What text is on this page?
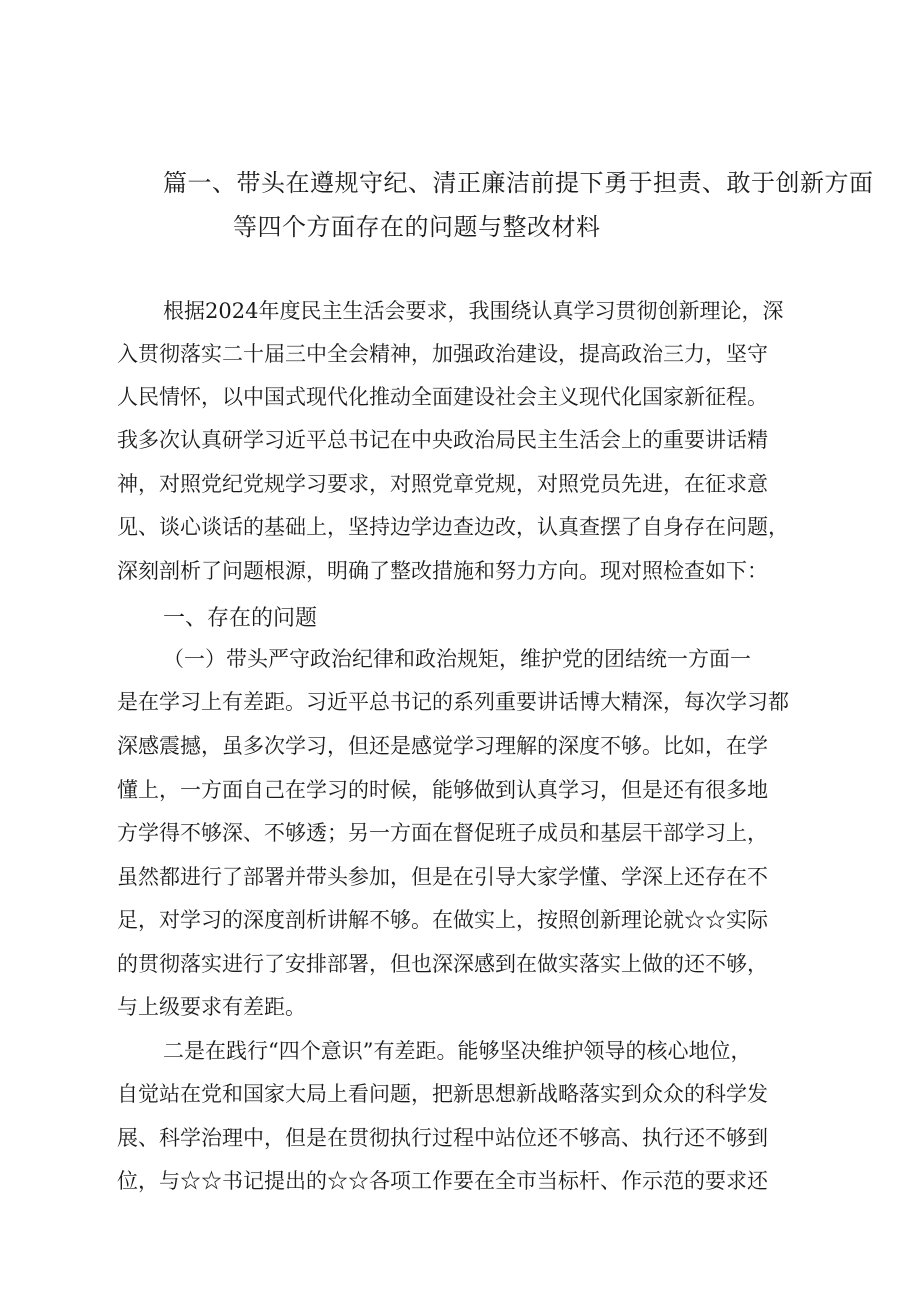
篇一、带头在遵规守纪、清正廉洁前提下勇于担责、敢于创新方面
等四个方面存在的问题与整改材料
根据2024年度民主生活会要求，我围绕认真学习贯彻创新理论，深
入贯彻落实二十届三中全会精神，加强政治建设，提高政治三力，坚守
人民情怀，以中国式现代化推动全面建设社会主义现代化国家新征程。
我多次认真研学习近平总书记在中央政治局民主生活会上的重要讲话精
神，对照党纪党规学习要求，对照党章党规，对照党员先进，在征求意
见、谈心谈话的基础上，坚持边学边查边改，认真查摆了自身存在问题，
深刻剖析了问题根源，明确了整改措施和努力方向。现对照检查如下：
一、存在的问题
（一）带头严守政治纪律和政治规矩，维护党的团结统一方面一
是在学习上有差距。习近平总书记的系列重要讲话博大精深，每次学习都
深感震撼，虽多次学习，但还是感觉学习理解的深度不够。比如，在学
懂上，一方面自己在学习的时候，能够做到认真学习，但是还有很多地
方学得不够深、不够透；另一方面在督促班子成员和基层干部学习上，
虽然都进行了部署并带头参加，但是在引导大家学懂、学深上还存在不
足，对学习的深度剖析讲解不够。在做实上，按照创新理论就☆☆实际
的贯彻落实进行了安排部署，但也深深感到在做实落实上做的还不够，
与上级要求有差距。
二是在践行“四个意识”有差距。能够坚决维护领导的核心地位，
自觉站在党和国家大局上看问题，把新思想新战略落实到众众的科学发
展、科学治理中，但是在贯彻执行过程中站位还不够高、执行还不够到
位，与☆☆书记提出的☆☆各项工作要在全市当标杆、作示范的要求还
